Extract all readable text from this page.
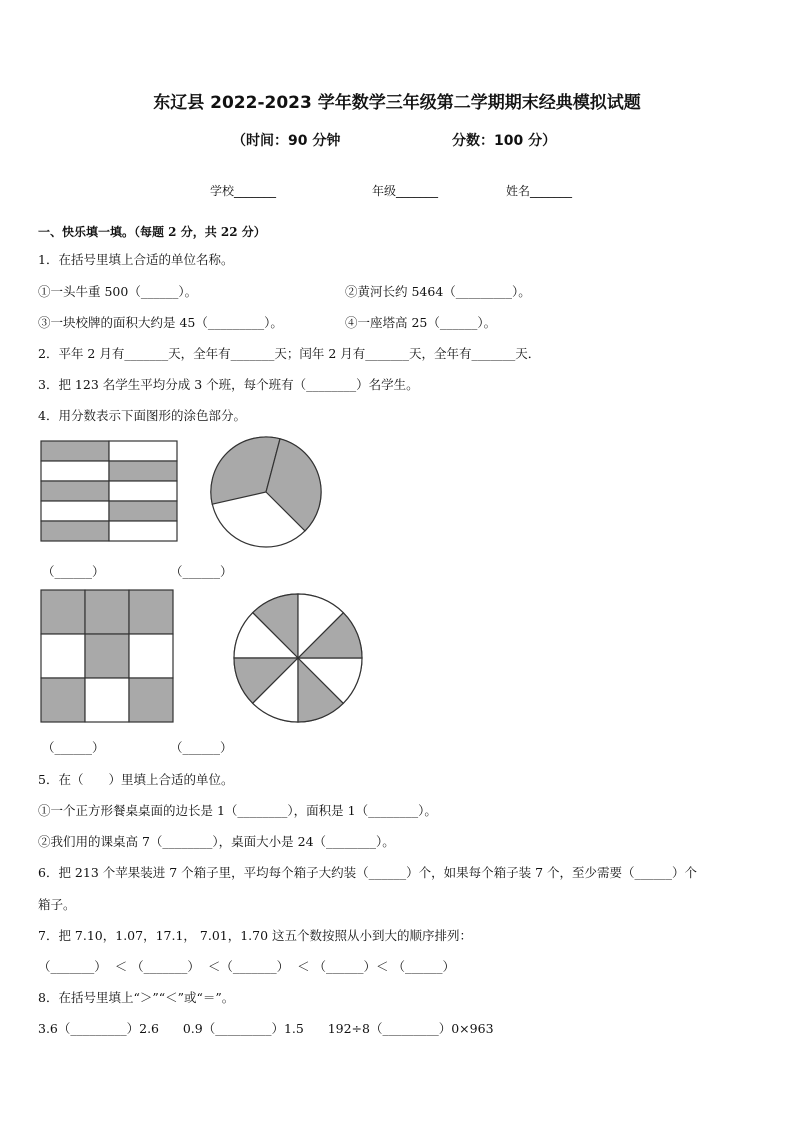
东辽县 2022-2023 学年数学三年级第二学期期末经典模拟试题
（时间：90 分钟	分数：100 分）
学校_______	年级_______	姓名_______
一、快乐填一填。（每题 2 分，共 22 分）
1．在括号里填上合适的单位名称。
①一头牛重 500（______）。	②黄河长约 5464（_________）。
③一块校牌的面积大约是 45（_________）。	④一座塔高 25（______）。
2．平年 2 月有_______天，全年有_______天；闰年 2 月有_______天，全年有_______天．
3．把 123 名学生平均分成 3 个班，每个班有（________）名学生。
4．用分数表示下面图形的涂色部分。
（______）	（______）
（______）	（______）
5．在（　　）里填上合适的单位。
①一个正方形餐桌桌面的边长是 1（________），面积是 1（________）。
②我们用的课桌高 7（________），桌面大小是 24（________）。
6．把 213 个苹果装进 7 个箱子里，平均每个箱子大约装（______）个，如果每个箱子装 7 个，至少需要（______）个
箱子。
7．把 7.10，1.07，17.1， 7.01，1.70 这五个数按照从小到大的顺序排列：
（_______）  ＜ （_______）  ＜（_______）  ＜ （______）＜ （______）
8．在括号里填上“＞”“＜”或“＝”。
3.6（_________）2.6      0.9（_________）1.5      192÷8（_________）0×963
